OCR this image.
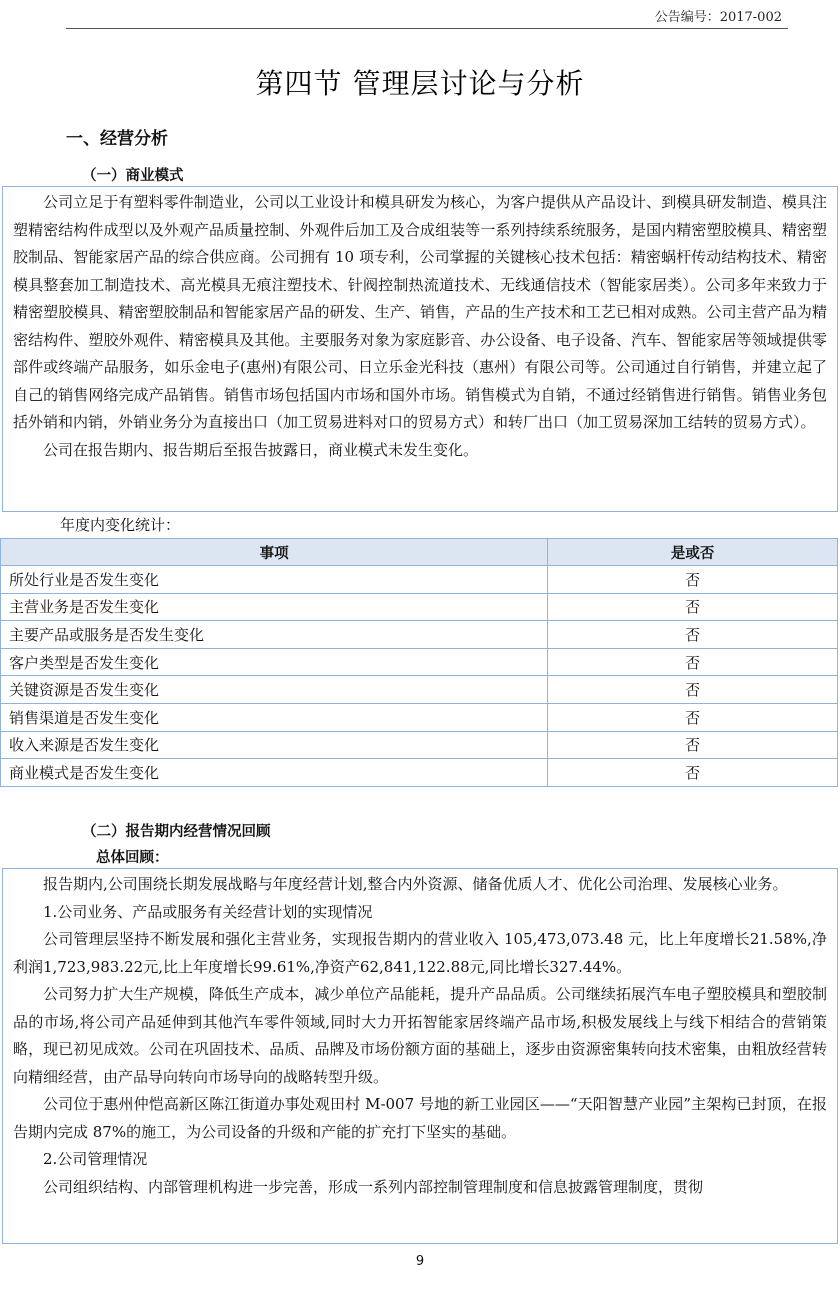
公告编号：2017-002
第四节 管理层讨论与分析
一、经营分析
（一）商业模式

公司立足于有塑料零件制造业，公司以工业设计和模具研发为核心，为客户提供从产品设计、到模具研发制造、模具注塑精密结构件成型以及外观产品质量控制、外观件后加工及合成组装等一系列持续系统服务，是国内精密塑胶模具、精密塑胶制品、智能家居产品的综合供应商。公司拥有 10 项专利，公司掌握的关键核心技术包括：精密蜗杆传动结构技术、精密模具整套加工制造技术、高光模具无痕注塑技术、针阀控制热流道技术、无线通信技术（智能家居类）。公司多年来致力于精密塑胶模具、精密塑胶制品和智能家居产品的研发、生产、销售，产品的生产技术和工艺已相对成熟。公司主营产品为精密结构件、塑胶外观件、精密模具及其他。主要服务对象为家庭影音、办公设备、电子设备、汽车、智能家居等领域提供零部件或终端产品服务，如乐金电子(惠州)有限公司、日立乐金光科技（惠州）有限公司等。公司通过自行销售，并建立起了自己的销售网络完成产品销售。销售市场包括国内市场和国外市场。销售模式为自销，不通过经销售进行销售。销售业务包括外销和内销，外销业务分为直接出口（加工贸易进料对口的贸易方式）和转厂出口（加工贸易深加工结转的贸易方式）。

公司在报告期内、报告期后至报告披露日，商业模式未发生变化。

年度内变化统计：
事项	是或否
所处行业是否发生变化	否
主营业务是否发生变化	否
主要产品或服务是否发生变化	否
客户类型是否发生变化	否
关键资源是否发生变化	否
销售渠道是否发生变化	否
收入来源是否发生变化	否
商业模式是否发生变化	否
（二）报告期内经营情况回顾
总体回顾：

报告期内,公司围绕长期发展战略与年度经营计划,整合内外资源、储备优质人才、优化公司治理、发展核心业务。

1.公司业务、产品或服务有关经营计划的实现情况

公司管理层坚持不断发展和强化主营业务，实现报告期内的营业收入 105,473,073.48 元，比上年度增长21.58%,净利润1,723,983.22元,比上年度增长99.61%,净资产62,841,122.88元,同比增长327.44%。

公司努力扩大生产规模，降低生产成本，减少单位产品能耗，提升产品品质。公司继续拓展汽车电子塑胶模具和塑胶制品的市场,将公司产品延伸到其他汽车零件领域,同时大力开拓智能家居终端产品市场,积极发展线上与线下相结合的营销策略，现已初见成效。公司在巩固技术、品质、品牌及市场份额方面的基础上，逐步由资源密集转向技术密集，由粗放经营转向精细经营，由产品导向转向市场导向的战略转型升级。

公司位于惠州仲恺高新区陈江街道办事处观田村 M-007 号地的新工业园区——“天阳智慧产业园”主架构已封顶，在报告期内完成 87%的施工，为公司设备的升级和产能的扩充打下坚实的基础。

2.公司管理情况

公司组织结构、内部管理机构进一步完善，形成一系列内部控制管理制度和信息披露管理制度，贯彻

9
